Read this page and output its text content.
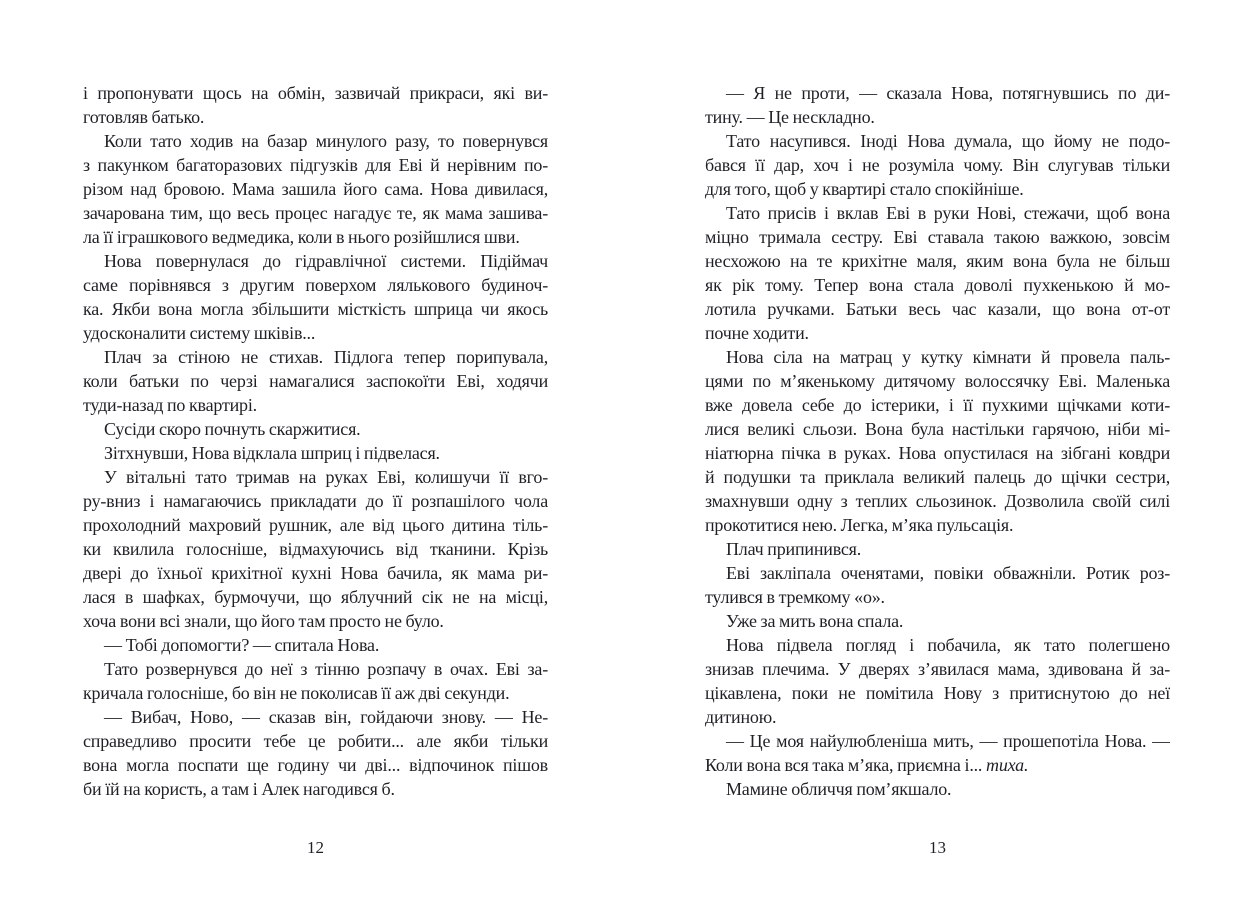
і пропонувати щось на обмін, зазвичай прикраси, які ви-
готовляв батько.
Коли тато ходив на базар минулого разу, то повернувся
з пакунком багаторазових підгузків для Еві й нерівним по-
різом над бровою. Мама зашила його сама. Нова дивилася,
зачарована тим, що весь процес нагадує те, як мама зашива-
ла її іграшкового ведмедика, коли в нього розійшлися шви.
Нова повернулася до гідравлічної системи. Підіймач
саме порівнявся з другим поверхом лялькового будиноч-
ка. Якби вона могла збільшити місткість шприца чи якось
удосконалити систему шківів...
Плач за стіною не стихав. Підлога тепер порипувала,
коли батьки по черзі намагалися заспокоїти Еві, ходячи
туди-назад по квартирі.
Сусіди скоро почнуть скаржитися.
Зітхнувши, Нова відклала шприц і підвелася.
У вітальні тато тримав на руках Еві, колишучи її вго-
ру-вниз і намагаючись прикладати до її розпашілого чола
прохолодний махровий рушник, але від цього дитина тіль-
ки квилила голосніше, відмахуючись від тканини. Крізь
двері до їхньої крихітної кухні Нова бачила, як мама ри-
лася в шафках, бурмочучи, що яблучний сік не на місці,
хоча вони всі знали, що його там просто не було.
— Тобі допомогти? — спитала Нова.
Тато розвернувся до неї з тінню розпачу в очах. Еві за-
кричала голосніше, бо він не поколисав її аж дві секунди.
— Вибач, Ново, — сказав він, гойдаючи знову. — Не-
справедливо просити тебе це робити... але якби тільки
вона могла поспати ще годину чи дві... відпочинок пішов
би їй на користь, а там і Алек нагодився б.
— Я не проти, — сказала Нова, потягнувшись по ди-
тину. — Це нескладно.
Тато насупився. Іноді Нова думала, що йому не подо-
бався її дар, хоч і не розуміла чому. Він слугував тільки
для того, щоб у квартирі стало спокійніше.
Тато присів і вклав Еві в руки Нові, стежачи, щоб вона
міцно тримала сестру. Еві ставала такою важкою, зовсім
несхожою на те крихітне маля, яким вона була не більш
як рік тому. Тепер вона стала доволі пухкенькою й мо-
лотила ручками. Батьки весь час казали, що вона от-от
почне ходити.
Нова сіла на матрац у кутку кімнати й провела паль-
цями по м’якенькому дитячому волоссячку Еві. Маленька
вже довела себе до істерики, і її пухкими щічками коти-
лися великі сльози. Вона була настільки гарячою, ніби мі-
ніатюрна пічка в руках. Нова опустилася на зібгані ковдри
й подушки та приклала великий палець до щічки сестри,
змахнувши одну з теплих сльозинок. Дозволила своїй силі
прокотитися нею. Легка, м’яка пульсація.
Плач припинився.
Еві закліпала оченятами, повіки обважніли. Ротик роз-
тулився в тремкому «о».
Уже за мить вона спала.
Нова підвела погляд і побачила, як тато полегшено
знизав плечима. У дверях з’явилася мама, здивована й за-
цікавлена, поки не помітила Нову з притиснутою до неї
дитиною.
— Це моя найулюбленіша мить, — прошепотіла Нова. —
Коли вона вся така м’яка, приємна і... тиха.
Мамине обличчя пом’якшало.
12	13
